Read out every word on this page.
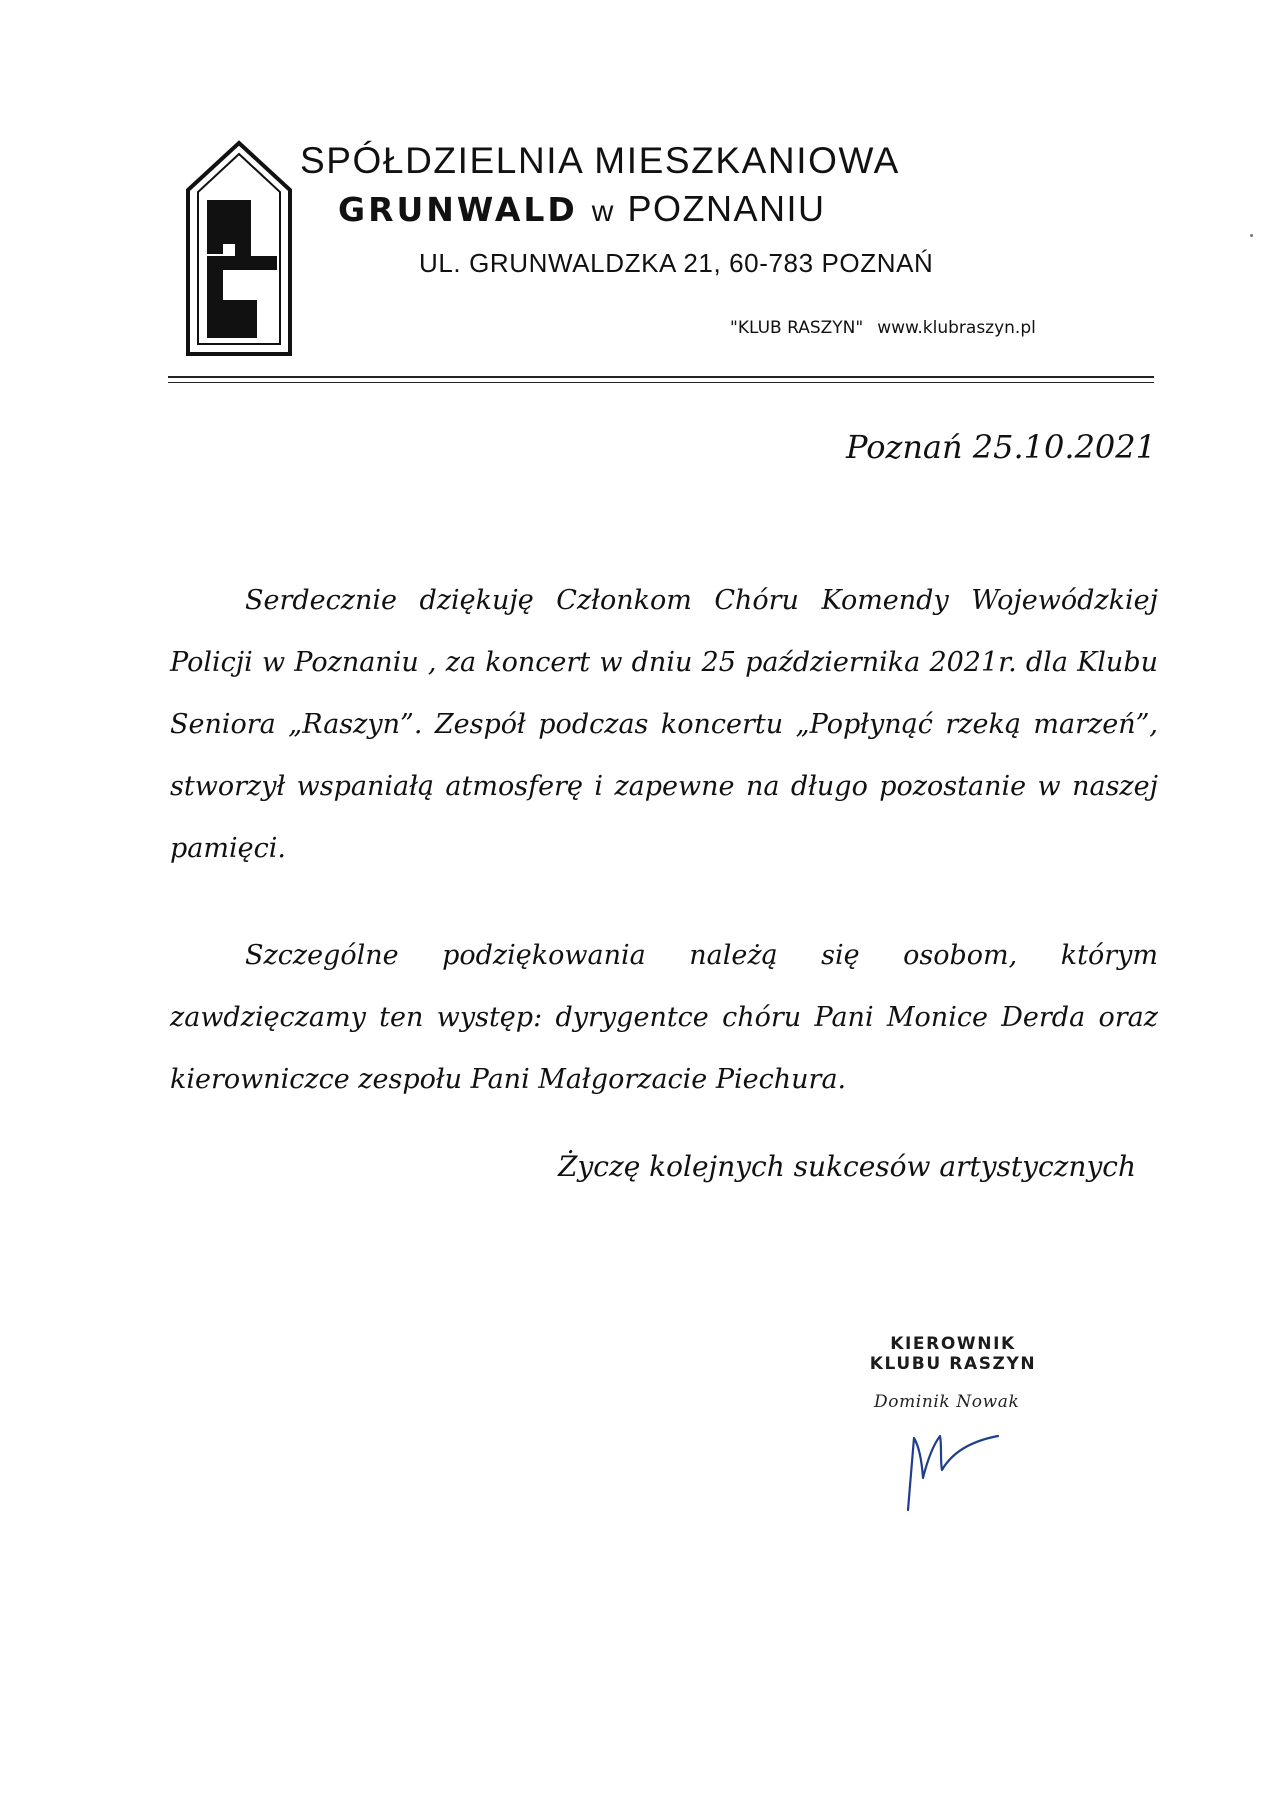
SPÓŁDZIELNIA MIESZKANIOWA
GRUNWALD w POZNANIU
UL. GRUNWALDZKA 21, 60-783 POZNAŃ
"KLUB RASZYN" www.klubraszyn.pl
Poznań 25.10.2021
Serdecznie dziękuję Członkom Chóru Komendy Wojewódzkiej Policji w Poznaniu , za koncert w dniu 25 października 2021r. dla Klubu Seniora „Raszyn”. Zespół podczas koncertu „Popłynąć rzeką marzeń”, stworzył wspaniałą atmosferę i zapewne na długo pozostanie w naszej pamięci.
Szczególne podziękowania należą się osobom, którym zawdzięczamy ten występ: dyrygentce chóru Pani Monice Derda oraz kierowniczce zespołu Pani Małgorzacie Piechura.
Życzę kolejnych sukcesów artystycznych
KIEROWNIK
KLUBU RASZYN
Dominik Nowak
